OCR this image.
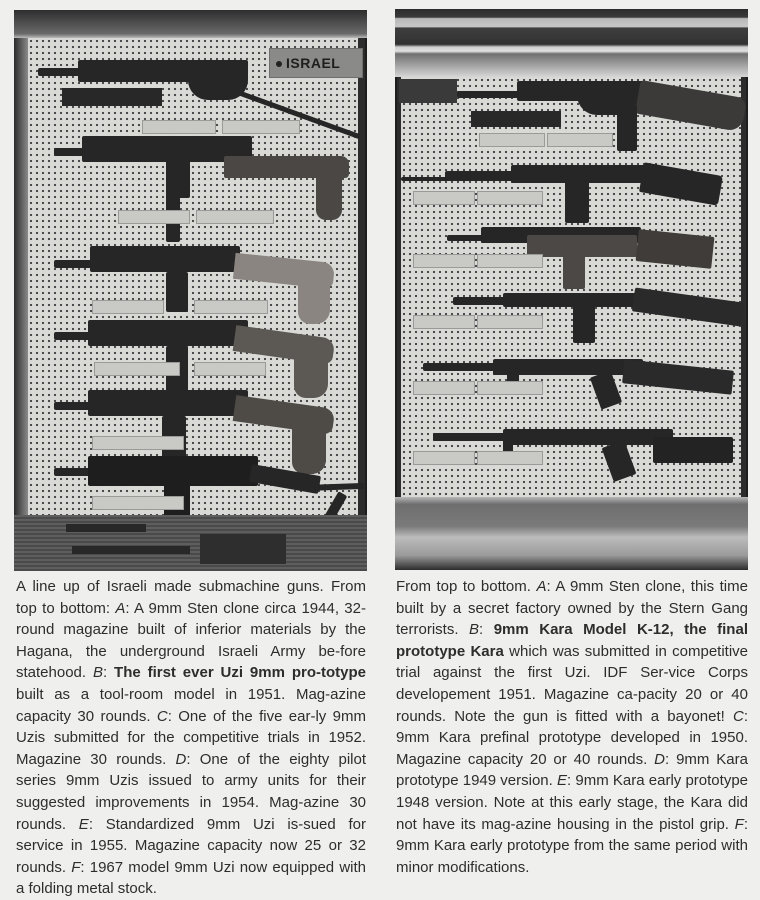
ISRAEL
A line up of Israeli made submachine guns. From top to bottom: A: A 9mm Sten clone circa 1944, 32-round magazine built of inferior materials by the Hagana, the underground Israeli Army be-fore statehood. B: The first ever Uzi 9mm pro-totype built as a tool-room model in 1951. Mag-azine capacity 30 rounds. C: One of the five ear-ly 9mm Uzis submitted for the competitive trials in 1952. Magazine 30 rounds. D: One of the eighty pilot series 9mm Uzis issued to army units for their suggested improvements in 1954. Mag-azine 30 rounds. E: Standardized 9mm Uzi is-sued for service in 1955. Magazine capacity now 25 or 32 rounds. F: 1967 model 9mm Uzi now equipped with a folding metal stock.
From top to bottom. A: A 9mm Sten clone, this time built by a secret factory owned by the Stern Gang terrorists. B: 9mm Kara Model K-12, the final prototype Kara which was submitted in competitive trial against the first Uzi. IDF Ser-vice Corps developement 1951. Magazine ca-pacity 20 or 40 rounds. Note the gun is fitted with a bayonet! C: 9mm Kara prefinal prototype developed in 1950. Magazine capacity 20 or 40 rounds. D: 9mm Kara prototype 1949 version. E: 9mm Kara early prototype 1948 version. Note at this early stage, the Kara did not have its mag-azine housing in the pistol grip. F: 9mm Kara early prototype from the same period with minor modifications.
